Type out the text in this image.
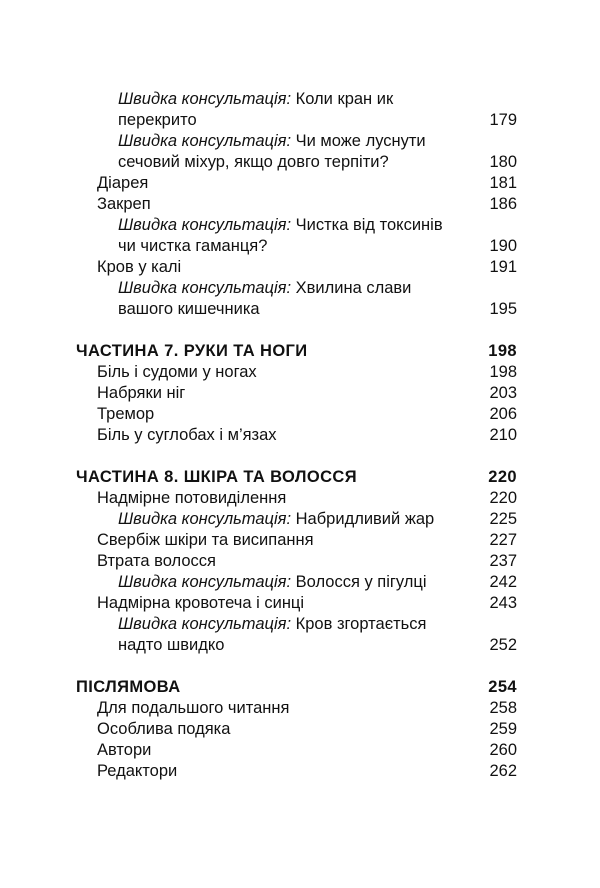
Швидка консультація: Коли кран ик
перекрито	179
Швидка консультація: Чи може луснути
сечовий міхур, якщо довго терпіти?	180
Діарея	181
Закреп	186
Швидка консультація: Чистка від токсинів
чи чистка гаманця?	190
Кров у калі	191
Швидка консультація: Хвилина слави
вашого кишечника	195
ЧАСТИНА 7. РУКИ ТА НОГИ	198
Біль і судоми у ногах	198
Набряки ніг	203
Тремор	206
Біль у суглобах і м’язах	210
ЧАСТИНА 8. ШКІРА ТА ВОЛОССЯ	220
Надмірне потовиділення	220
Швидка консультація: Набридливий жар	225
Свербіж шкіри та висипання	227
Втрата волосся	237
Швидка консультація: Волосся у пігулці	242
Надмірна кровотеча і синці	243
Швидка консультація: Кров згортається
надто швидко	252
ПІСЛЯМОВА	254
Для подальшого читання	258
Особлива подяка	259
Автори	260
Редактори	262
